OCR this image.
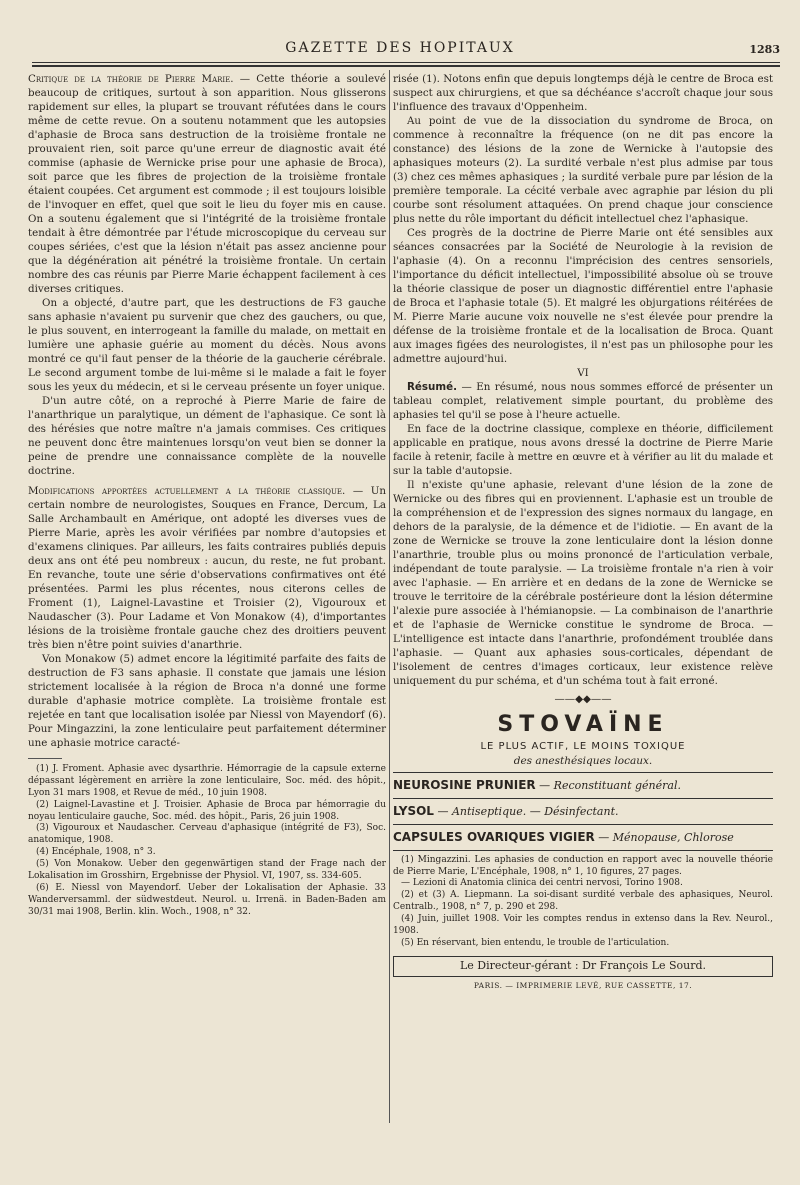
GAZETTE DES HOPITAUX	1283

Critique de la théorie de Pierre Marie. — Cette théorie a soulevé beaucoup de critiques, surtout à son apparition. Nous glisserons rapidement sur elles, la plupart se trouvant réfutées dans le cours même de cette revue. On a soutenu notamment que les autopsies d'aphasie de Broca sans destruction de la troisième frontale ne prouvaient rien, soit parce qu'une erreur de diagnostic avait été commise (aphasie de Wernicke prise pour une aphasie de Broca), soit parce que les fibres de projection de la troisième frontale étaient coupées. Cet argument est commode ; il est toujours loisible de l'invoquer en effet, quel que soit le lieu du foyer mis en cause. On a soutenu également que si l'intégrité de la troisième frontale tendait à être démontrée par l'étude microscopique du cerveau sur coupes sériées, c'est que la lésion n'était pas assez ancienne pour que la dégénération ait pénétré la troisième frontale. Un certain nombre des cas réunis par Pierre Marie échappent facilement à ces diverses critiques.

On a objecté, d'autre part, que les destructions de F3 gauche sans aphasie n'avaient pu survenir que chez des gauchers, ou que, le plus souvent, en interrogeant la famille du malade, on mettait en lumière une aphasie guérie au moment du décès. Nous avons montré ce qu'il faut penser de la théorie de la gaucherie cérébrale. Le second argument tombe de lui-même si le malade a fait le foyer sous les yeux du médecin, et si le cerveau présente un foyer unique.

D'un autre côté, on a reproché à Pierre Marie de faire de l'anarthrique un paralytique, un dément de l'aphasique. Ce sont là des hérésies que notre maître n'a jamais commises. Ces critiques ne peuvent donc être maintenues lorsqu'on veut bien se donner la peine de prendre une connaissance complète de la nouvelle doctrine.

Modifications apportées actuellement a la théorie classique. — Un certain nombre de neurologistes, Souques en France, Dercum, La Salle Archambault en Amérique, ont adopté les diverses vues de Pierre Marie, après les avoir vérifiées par nombre d'autopsies et d'examens cliniques. Par ailleurs, les faits contraires publiés depuis deux ans ont été peu nombreux : aucun, du reste, ne fut probant. En revanche, toute une série d'observations confirmatives ont été présentées. Parmi les plus récentes, nous citerons celles de Froment (1), Laignel-Lavastine et Troisier (2), Vigouroux et Naudascher (3). Pour Ladame et Von Monakow (4), d'importantes lésions de la troisième frontale gauche chez des droitiers peuvent très bien n'être point suivies d'anarthrie.

Von Monakow (5) admet encore la légitimité parfaite des faits de destruction de F3 sans aphasie. Il constate que jamais une lésion strictement localisée à la région de Broca n'a donné une forme durable d'aphasie motrice complète. La troisième frontale est rejetée en tant que localisation isolée par Niessl von Mayendorf (6). Pour Mingazzini, la zone lenticulaire peut parfaitement déterminer une aphasie motrice caracté-

(1) J. Froment. Aphasie avec dysarthrie. Hémorragie de la capsule externe dépassant légèrement en arrière la zone lenticulaire, Soc. méd. des hôpit., Lyon 31 mars 1908, et Revue de méd., 10 juin 1908.

(2) Laignel-Lavastine et J. Troisier. Aphasie de Broca par hémorragie du noyau lenticulaire gauche, Soc. méd. des hôpit., Paris, 26 juin 1908.

(3) Vigouroux et Naudascher. Cerveau d'aphasique (intégrité de F3), Soc. anatomique, 1908.

(4) Encéphale, 1908, n° 3.

(5) Von Monakow. Ueber den gegenwärtigen stand der Frage nach der Lokalisation im Grosshirn, Ergebnisse der Physiol. VI, 1907, ss. 334-605.

(6) E. Niessl von Mayendorf. Ueber der Lokalisation der Aphasie. 33 Wanderversamml. der südwestdeut. Neurol. u. Irrenä. in Baden-Baden am 30/31 mai 1908, Berlin. klin. Woch., 1908, n° 32.

risée (1). Notons enfin que depuis longtemps déjà le centre de Broca est suspect aux chirurgiens, et que sa déchéance s'accroît chaque jour sous l'influence des travaux d'Oppenheim.

Au point de vue de la dissociation du syndrome de Broca, on commence à reconnaître la fréquence (on ne dit pas encore la constance) des lésions de la zone de Wernicke à l'autopsie des aphasiques moteurs (2). La surdité verbale n'est plus admise par tous (3) chez ces mêmes aphasiques ; la surdité verbale pure par lésion de la première temporale. La cécité verbale avec agraphie par lésion du pli courbe sont résolument attaquées. On prend chaque jour conscience plus nette du rôle important du déficit intellectuel chez l'aphasique.

Ces progrès de la doctrine de Pierre Marie ont été sensibles aux séances consacrées par la Société de Neurologie à la revision de l'aphasie (4). On a reconnu l'imprécision des centres sensoriels, l'importance du déficit intellectuel, l'impossibilité absolue où se trouve la théorie classique de poser un diagnostic différentiel entre l'aphasie de Broca et l'aphasie totale (5). Et malgré les objurgations réitérées de M. Pierre Marie aucune voix nouvelle ne s'est élevée pour prendre la défense de la troisième frontale et de la localisation de Broca. Quant aux images figées des neurologistes, il n'est pas un philosophe pour les admettre aujourd'hui.

VI

Résumé. — En résumé, nous nous sommes efforcé de présenter un tableau complet, relativement simple pourtant, du problème des aphasies tel qu'il se pose à l'heure actuelle.

En face de la doctrine classique, complexe en théorie, difficilement applicable en pratique, nous avons dressé la doctrine de Pierre Marie facile à retenir, facile à mettre en œuvre et à vérifier au lit du malade et sur la table d'autopsie.

Il n'existe qu'une aphasie, relevant d'une lésion de la zone de Wernicke ou des fibres qui en proviennent. L'aphasie est un trouble de la compréhension et de l'expression des signes normaux du langage, en dehors de la paralysie, de la démence et de l'idiotie. — En avant de la zone de Wernicke se trouve la zone lenticulaire dont la lésion donne l'anarthrie, trouble plus ou moins prononcé de l'articulation verbale, indépendant de toute paralysie. — La troisième frontale n'a rien à voir avec l'aphasie. — En arrière et en dedans de la zone de Wernicke se trouve le territoire de la cérébrale postérieure dont la lésion détermine l'alexie pure associée à l'hémianopsie. — La combinaison de l'anarthrie et de l'aphasie de Wernicke constitue le syndrome de Broca. — L'intelligence est intacte dans l'anarthrie, profondément troublée dans l'aphasie. — Quant aux aphasies sous-corticales, dépendant de l'isolement de centres d'images corticaux, leur existence relève uniquement du pur schéma, et d'un schéma tout à fait erroné.

——◆◆——

STOVAÏNE
LE PLUS ACTIF, LE MOINS TOXIQUE
des anesthésiques locaux.
NEUROSINE PRUNIER — Reconstituant général.
LYSOL — Antiseptique. — Désinfectant.
CAPSULES OVARIQUES VIGIER — Ménopause, Chlorose

(1) Mingazzini. Les aphasies de conduction en rapport avec la nouvelle théorie de Pierre Marie, L'Encéphale, 1908, n° 1, 10 figures, 27 pages.

— Lezioni di Anatomia clinica dei centri nervosi, Torino 1908.

(2) et (3) A. Liepmann. La soi-disant surdité verbale des aphasiques, Neurol. Centralb., 1908, n° 7, p. 290 et 298.

(4) Juin, juillet 1908. Voir les comptes rendus in extenso dans la Rev. Neurol., 1908.

(5) En réservant, bien entendu, le trouble de l'articulation.

Le Directeur-gérant : Dr François Le Sourd.
PARIS. — IMPRIMERIE LEVÉ, RUE CASSETTE, 17.
